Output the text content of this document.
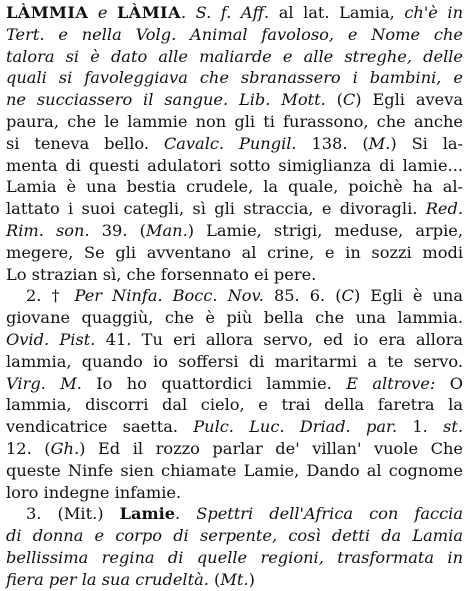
LÀMMIA e LÀMIA. S. f. Aff. al lat. Lamia, ch'è in
Tert. e nella Volg. Animal favoloso, e Nome che
talora si è dato alle maliarde e alle streghe, delle
quali si favoleggiava che sbranassero i bambini, e
ne succiassero il sangue. Lib. Mott. (C) Egli aveva
paura, che le lammie non gli ti furassono, che anche
si teneva bello. Cavalc. Pungil. 138. (M.) Si la-
menta di questi adulatori sotto simiglianza di lamie...
Lamia è una bestia crudele, la quale, poichè ha al-
lattato i suoi categli, sì gli straccia, e divoragli. Red.
Rim. son. 39. (Man.) Lamie, strigi, meduse, arpie,
megere, Se gli avventano al crine, e in sozzi modi
Lo strazian sì, che forsennato ei pere.
2. † Per Ninfa. Bocc. Nov. 85. 6. (C) Egli è una
giovane quaggiù, che è più bella che una lammia.
Ovid. Pist. 41. Tu eri allora servo, ed io era allora
lammia, quando io soffersi di maritarmi a te servo.
Virg. M. Io ho quattordici lammie. E altrove: O
lammia, discorri dal cielo, e trai della faretra la
vendicatrice saetta. Pulc. Luc. Driad. par. 1. st.
12. (Gh.) Ed il rozzo parlar de' villan' vuole Che
queste Ninfe sien chiamate Lamie, Dando al cognome
loro indegne infamie.
3. (Mit.) Lamie. Spettri dell'Africa con faccia
di donna e corpo di serpente, così detti da Lamia
bellissima regina di quelle regioni, trasformata in
fiera per la sua crudeltà. (Mt.)
